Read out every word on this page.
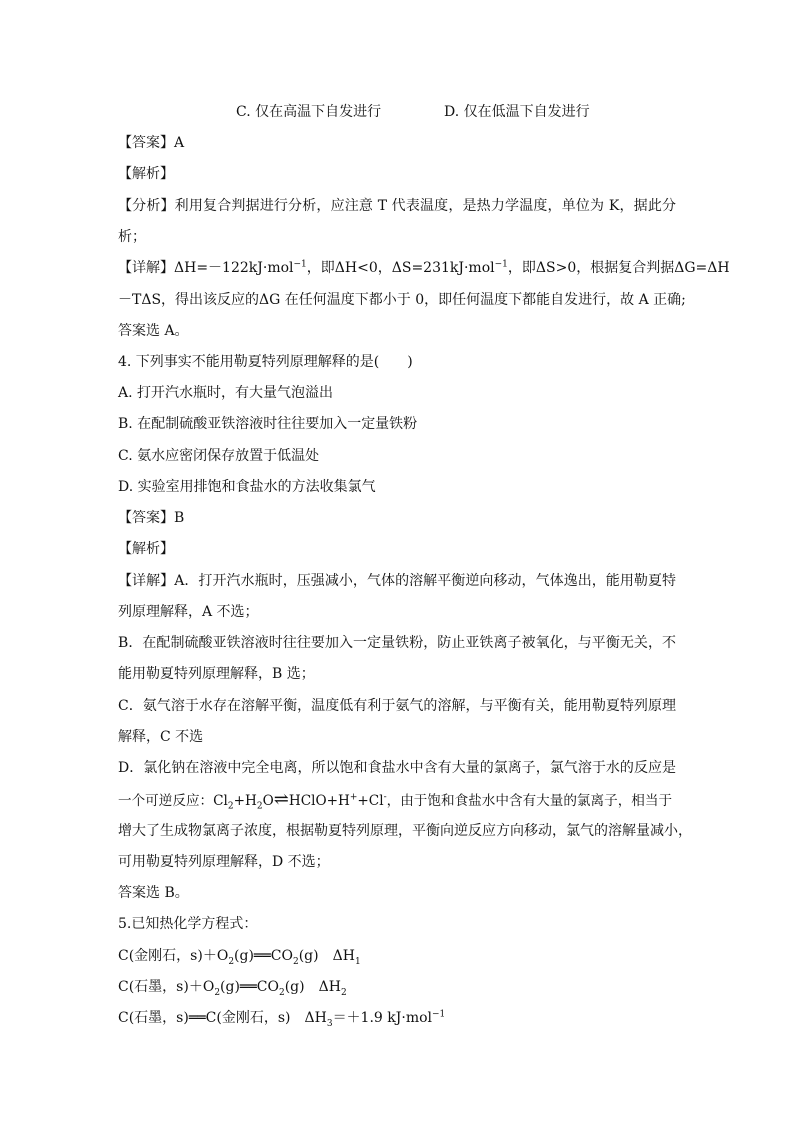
C. 仅在高温下自发进行	D. 仅在低温下自发进行
【答案】A
【解析】
【分析】利用复合判据进行分析，应注意 T 代表温度，是热力学温度，单位为 K，据此分
析；
【详解】ΔH=－122kJ·mol$^{-1}$，即ΔH<0，ΔS=231kJ·mol$^{-1}$，即ΔS>0，根据复合判据ΔG=ΔH
－TΔS，得出该反应的ΔG 在任何温度下都小于 0，即任何温度下都能自发进行，故 A 正确;
答案选 A。
4. 下列事实不能用勒夏特列原理解释的是(　　)
A. 打开汽水瓶时，有大量气泡溢出
B. 在配制硫酸亚铁溶液时往往要加入一定量铁粉
C. 氨水应密闭保存放置于低温处
D. 实验室用排饱和食盐水的方法收集氯气
【答案】B
【解析】
【详解】A．打开汽水瓶时，压强减小，气体的溶解平衡逆向移动，气体逸出，能用勒夏特
列原理解释，A 不选；
B．在配制硫酸亚铁溶液时往往要加入一定量铁粉，防止亚铁离子被氧化，与平衡无关，不
能用勒夏特列原理解释，B 选；
C．氨气溶于水存在溶解平衡，温度低有利于氨气的溶解，与平衡有关，能用勒夏特列原理
解释，C 不选
D．氯化钠在溶液中完全电离，所以饱和食盐水中含有大量的氯离子，氯气溶于水的反应是
一个可逆反应：$Cl_2+H_2O\rightleftharpoons HClO+H^++Cl^-$，由于饱和食盐水中含有大量的氯离子，相当于
增大了生成物氯离子浓度，根据勒夏特列原理，平衡向逆反应方向移动，氯气的溶解量减小，
可用勒夏特列原理解释，D 不选；
答案选 B。
5.已知热化学方程式：
C(金刚石，$s)+O_2(g)══CO_2(g)$　$\Delta H_1$
C(石墨，$s)+O_2(g)══CO_2(g)$　$\Delta H_2$
C(石墨，s)══C(金刚石，s)　$\Delta H_3=+1.9$ kJ·mol$^{-1}$
